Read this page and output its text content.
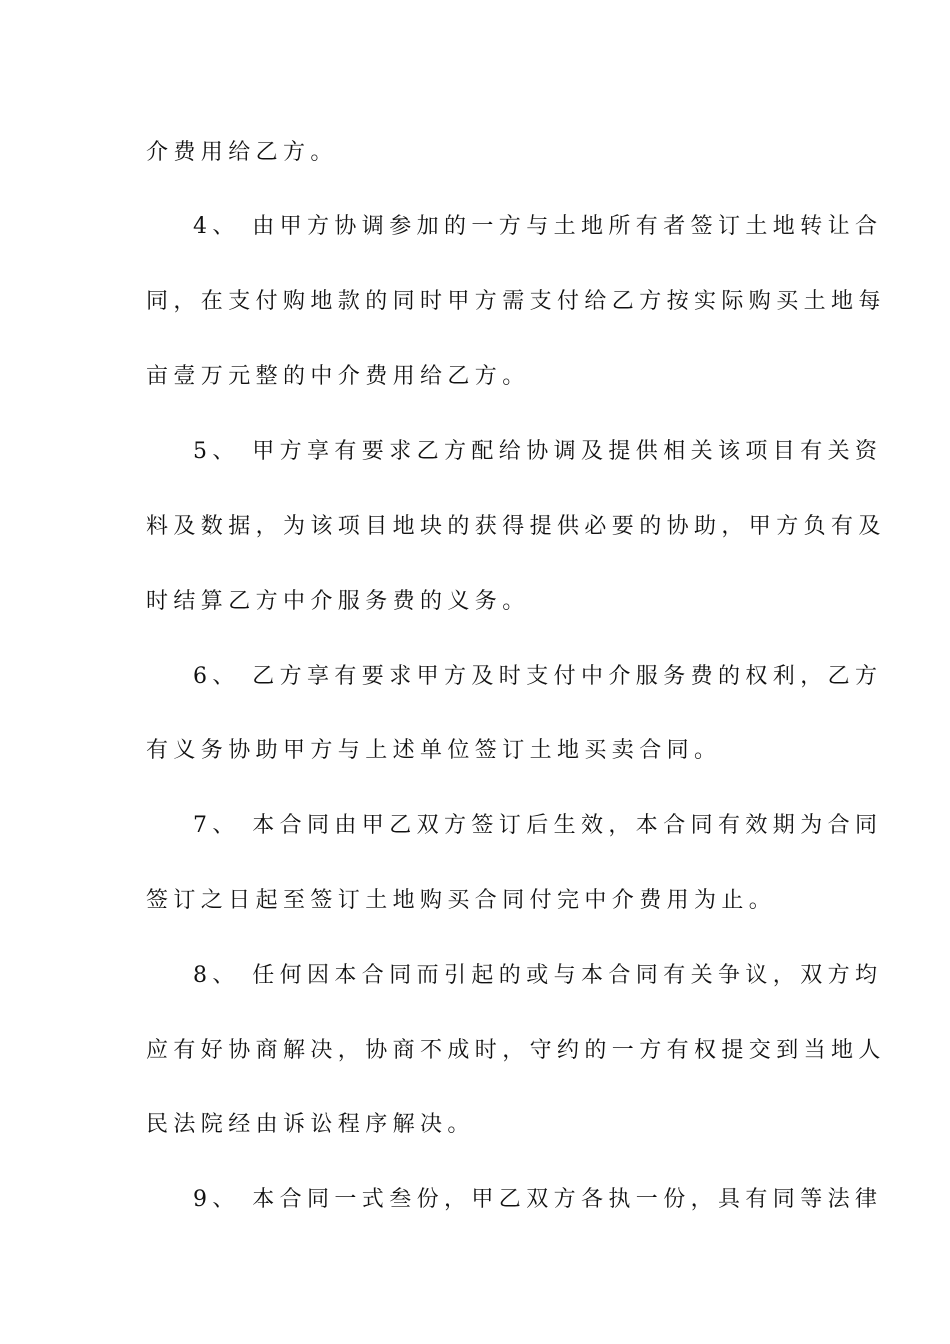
介费用给乙方。
4、 由甲方协调参加的一方与土地所有者签订土地转让合
同，在支付购地款的同时甲方需支付给乙方按实际购买土地每
亩壹万元整的中介费用给乙方。
5、 甲方享有要求乙方配给协调及提供相关该项目有关资
料及数据，为该项目地块的获得提供必要的协助，甲方负有及
时结算乙方中介服务费的义务。
6、 乙方享有要求甲方及时支付中介服务费的权利，乙方
有义务协助甲方与上述单位签订土地买卖合同。
7、 本合同由甲乙双方签订后生效，本合同有效期为合同
签订之日起至签订土地购买合同付完中介费用为止。
8、 任何因本合同而引起的或与本合同有关争议，双方均
应有好协商解决，协商不成时，守约的一方有权提交到当地人
民法院经由诉讼程序解决。
9、 本合同一式叁份，甲乙双方各执一份，具有同等法律
